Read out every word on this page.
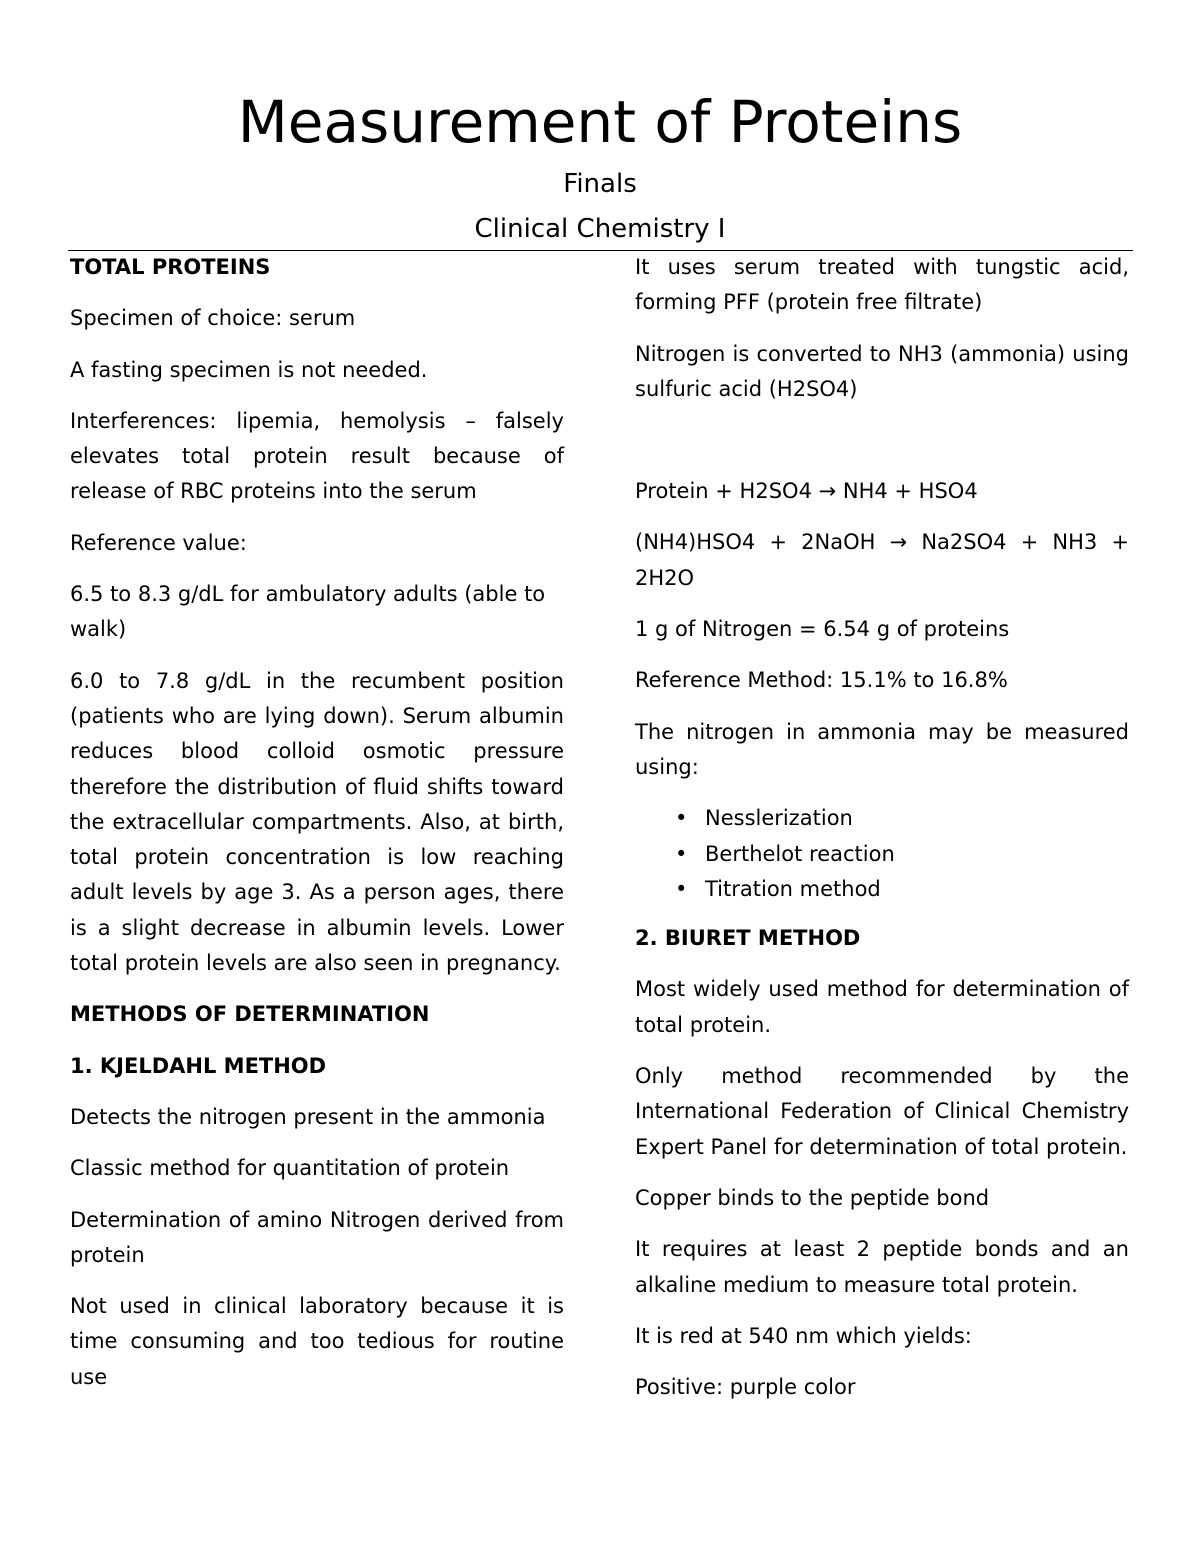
Measurement of Proteins
Finals
Clinical Chemistry I

TOTAL PROTEINS

Specimen of choice: serum

A fasting specimen is not needed.

Interferences: lipemia, hemolysis – falsely elevates total protein result because of release of RBC proteins into the serum

Reference value:

6.5 to 8.3 g/dL for ambulatory adults (able to walk)

6.0 to 7.8 g/dL in the recumbent position (patients who are lying down). Serum albumin reduces blood colloid osmotic pressure therefore the distribution of fluid shifts toward the extracellular compartments. Also, at birth, total protein concentration is low reaching adult levels by age 3. As a person ages, there is a slight decrease in albumin levels. Lower total protein levels are also seen in pregnancy.

METHODS OF DETERMINATION

1. KJELDAHL METHOD

Detects the nitrogen present in the ammonia

Classic method for quantitation of protein

Determination of amino Nitrogen derived from protein

Not used in clinical laboratory because it is time consuming and too tedious for routine use

It uses serum treated with tungstic acid, forming PFF (protein free filtrate)

Nitrogen is converted to NH3 (ammonia) using sulfuric acid (H2SO4)

Protein + H2SO4 → NH4 + HSO4

(NH4)HSO4 + 2NaOH → Na2SO4 + NH3 + 2H2O

1 g of Nitrogen = 6.54 g of proteins

Reference Method: 15.1% to 16.8%

The nitrogen in ammonia may be measured using:

• Nesslerization
• Berthelot reaction
• Titration method

2. BIURET METHOD

Most widely used method for determination of total protein.

Only method recommended by the International Federation of Clinical Chemistry Expert Panel for determination of total protein.

Copper binds to the peptide bond

It requires at least 2 peptide bonds and an alkaline medium to measure total protein.

It is red at 540 nm which yields:

Positive: purple color
